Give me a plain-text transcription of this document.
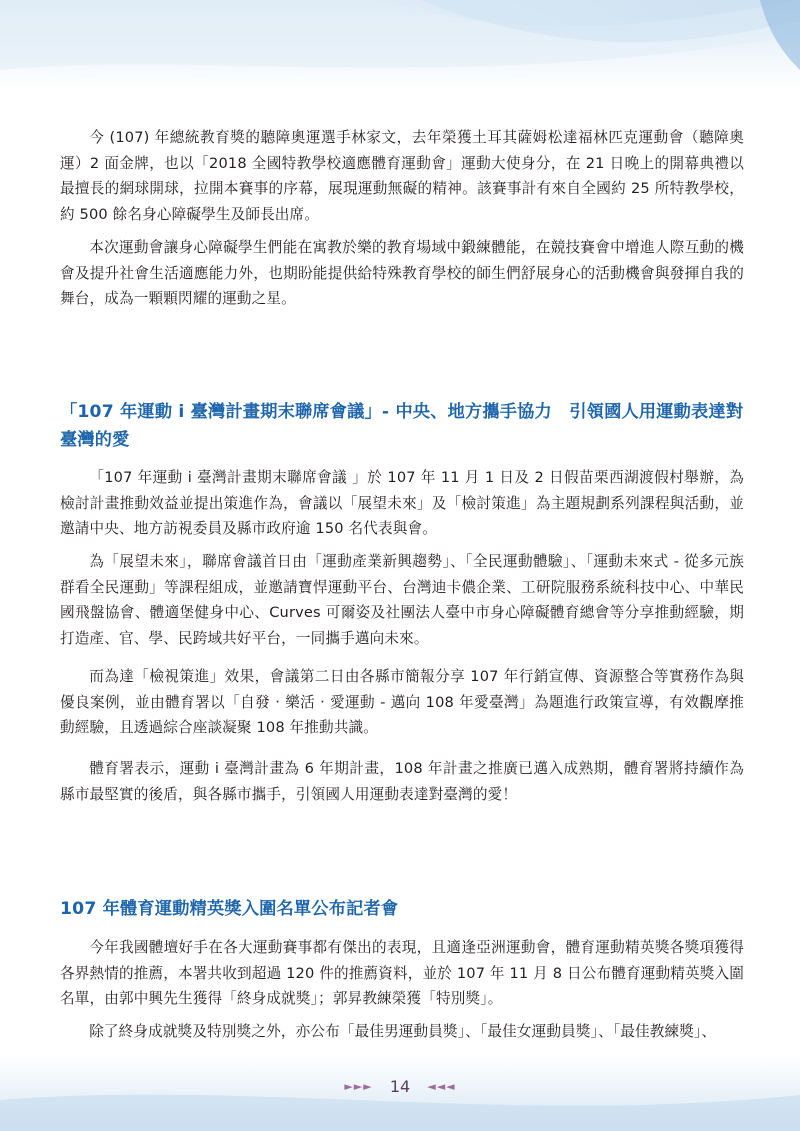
今 (107) 年總統教育獎的聽障奧運選手林家文，去年榮獲土耳其薩姆松達福林匹克運動會（聽障奧運）2 面金牌，也以「2018 全國特教學校適應體育運動會」運動大使身分，在 21 日晚上的開幕典禮以最擅長的網球開球，拉開本賽事的序幕，展現運動無礙的精神。該賽事計有來自全國約 25 所特教學校，約 500 餘名身心障礙學生及師長出席。

本次運動會讓身心障礙學生們能在寓教於樂的教育場域中鍛練體能，在競技賽會中增進人際互動的機會及提升社會生活適應能力外，也期盼能提供給特殊教育學校的師生們舒展身心的活動機會與發揮自我的舞台，成為一顆顆閃耀的運動之星。

「107 年運動 i 臺灣計畫期末聯席會議」- 中央、地方攜手協力　引領國人用運動表達對臺灣的愛

「107 年運動 i 臺灣計畫期末聯席會議 」於 107 年 11 月 1 日及 2 日假苗栗西湖渡假村舉辦，為檢討計畫推動效益並提出策進作為，會議以「展望未來」及「檢討策進」為主題規劃系列課程與活動，並邀請中央、地方訪視委員及縣市政府逾 150 名代表與會。

為「展望未來」，聯席會議首日由「運動產業新興趨勢」、「全民運動體驗」、「運動未來式 - 從多元族群看全民運動」等課程組成，並邀請寶悍運動平台、台灣迪卡儂企業、工研院服務系統科技中心、中華民國飛盤協會、體適堡健身中心、Curves 可爾姿及社團法人臺中市身心障礙體育總會等分享推動經驗，期打造產、官、學、民跨域共好平台，一同攜手邁向未來。

而為達「檢視策進」效果，會議第二日由各縣市簡報分享 107 年行銷宣傳、資源整合等實務作為與優良案例，並由體育署以「自發 ‧ 樂活 ‧ 愛運動 - 邁向 108 年愛臺灣」為題進行政策宣導，有效觀摩推動經驗，且透過綜合座談凝聚 108 年推動共識。

體育署表示，運動 i 臺灣計畫為 6 年期計畫，108 年計畫之推廣已邁入成熟期，體育署將持續作為縣市最堅實的後盾，與各縣市攜手，引領國人用運動表達對臺灣的愛！

107 年體育運動精英獎入圍名單公布記者會

今年我國體壇好手在各大運動賽事都有傑出的表現，且適逢亞洲運動會，體育運動精英獎各獎項獲得各界熱情的推薦，本署共收到超過 120 件的推薦資料，並於 107 年 11 月 8 日公布體育運動精英獎入圍名單，由郭中興先生獲得「終身成就獎」；郭昇教練榮獲「特別獎」。

除了終身成就獎及特別獎之外，亦公布「最佳男運動員獎」、「最佳女運動員獎」、「最佳教練獎」、

►►► 14 ◄◄◄
